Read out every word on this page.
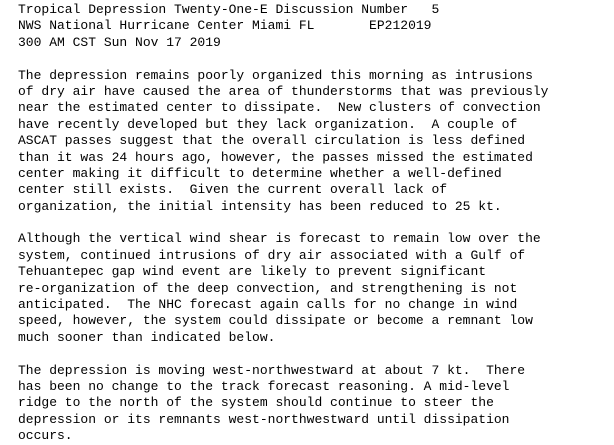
Tropical Depression Twenty-One-E Discussion Number   5
NWS National Hurricane Center Miami FL       EP212019
300 AM CST Sun Nov 17 2019
The depression remains poorly organized this morning as intrusions
of dry air have caused the area of thunderstorms that was previously
near the estimated center to dissipate.  New clusters of convection
have recently developed but they lack organization.  A couple of
ASCAT passes suggest that the overall circulation is less defined
than it was 24 hours ago, however, the passes missed the estimated
center making it difficult to determine whether a well-defined
center still exists.  Given the current overall lack of
organization, the initial intensity has been reduced to 25 kt.
Although the vertical wind shear is forecast to remain low over the
system, continued intrusions of dry air associated with a Gulf of
Tehuantepec gap wind event are likely to prevent significant
re-organization of the deep convection, and strengthening is not
anticipated.  The NHC forecast again calls for no change in wind
speed, however, the system could dissipate or become a remnant low
much sooner than indicated below.
The depression is moving west-northwestward at about 7 kt.  There
has been no change to the track forecast reasoning. A mid-level
ridge to the north of the system should continue to steer the
depression or its remnants west-northwestward until dissipation
occurs.
